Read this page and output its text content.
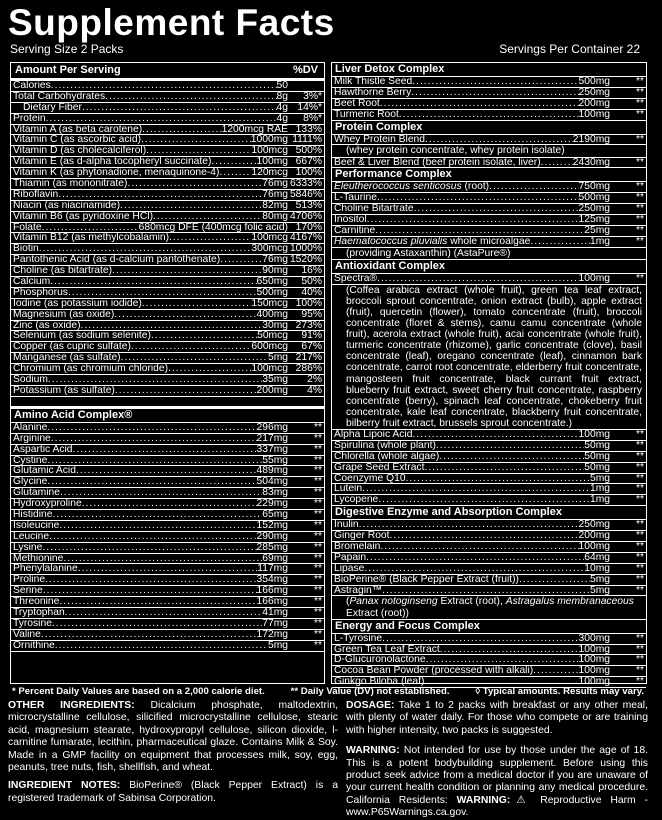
Supplement Facts
Serving Size 2 Packs	Servings Per Container 22
Amount Per Serving	%DV
Calories .....	50
Total Carbohydrates .....	8g	3%*
Dietary Fiber .....	4g 14%*
Protein .....	4g	8%*
Vitamin A (as beta carotene) .....	1200mcg RAE 133%
Vitamin C (as ascorbic acid) .....	1000mg 1111%
Vitamin D (as cholecalciferol) .....	100mcg 500%
Vitamin E (as d-alpha tocopheryl succinate) .....	100mg 667%
Vitamin K (as phytonadione, menaquinone-4) .....	120mcg 100%
Thiamin (as mononitrate) .....	76mg 6333%
Riboflavin .....	76mg 5846%
Niacin (as niacinamide) .....	82mg 513%
Vitamin B6 (as pyridoxine HCl) .....	80mg 4706%
Folate .....	680mcg DFE (400mcg folic acid) 170%
Vitamin B12 (as methylcobalamin) .....	100mcg 4167%
Biotin .....	300mcg 1000%
Pantothenic Acid (as d-calcium pantothenate) .....	76mg 1520%
Choline (as bitartrate) .....	90mg	16%
Calcium .....	650mg	50%
Phosphorus .....	500mg	40%
Iodine (as potassium iodide) .....	150mcg 100%
Magnesium (as oxide) .....	400mg	95%
Zinc (as oxide) .....	30mg 273%
Selenium (as sodium selenite) .....	50mcg	91%
Copper (as cupric sulfate) .....	600mcg	67%
Manganese (as sulfate) .....	5mg 217%
Chromium (as chromium chloride) .....	100mcg 286%
Sodium .....	35mg	2%
Potassium (as sulfate) .....	200mg	4%
Amino Acid Complex®
Alanine .....	296mg	**
Arginine .....	217mg	**
Aspartic Acid .....	337mg	**
Cystine .....	55mg	**
Glutamic Acid .....	489mg	**
Glycine .....	504mg	**
Glutamine .....	83mg	**
Hydroxyproline .....	229mg	**
Histidine .....	65mg	**
Isoleucine .....	152mg	**
Leucine .....	290mg	**
Lysine .....	285mg	**
Methionine .....	69mg	**
Phenylalanine .....	117mg	**
Proline .....	354mg	**
Serine .....	166mg	**
Threonine .....	166mg	**
Tryptophan .....	41mg	**
Tyrosine .....	77mg	**
Valine .....	172mg	**
Ornithine .....	5mg	**
Liver Detox Complex
Milk Thistle Seed .....	500mg	**
Hawthorne Berry .....	250mg	**
Beet Root .....	200mg	**
Turmeric Root .....	100mg	**
Protein Complex
Whey Protein Blend .....	2190mg	**
(whey protein concentrate, whey protein isolate)
Beef & Liver Blend (beef protein isolate, liver) .....	2430mg	**
Performance Complex
Eleutherococcus senticosus (root) .....	750mg	**
L-Taurine .....	500mg	**
Choline Bitartrate .....	250mg	**
Inositol .....	125mg	**
Carnitine .....	25mg	**
Haematococcus pluvialis whole microalgae .....	1mg	**
(providing Astaxanthin) (AstaPure®)
Antioxidant Complex
Spectra® .....	100mg	**
(Coffea arabica extract (whole fruit), green tea leaf extract, broccoli sprout concentrate, onion extract (bulb), apple extract (fruit), quercetin (flower), tomato concentrate (fruit), broccoli concentrate (floret & stems), camu camu concentrate (whole fruit), acerola extract (whole fruit), acai concentrate (whole fruit), turmeric concentrate (rhizome), garlic concentrate (clove), basil concentrate (leaf), oregano concentrate (leaf), cinnamon bark concentrate, carrot root concentrate, elderberry fruit concentrate, mangosteen fruit concentrate, black currant fruit extract, blueberry fruit extract, sweet cherry fruit concentrate, raspberry concentrate (berry), spinach leaf concentrate, chokeberry fruit concentrate, kale leaf concentrate, blackberry fruit concentrate, bilberry fruit extract, brussels sprout concentrate.)
Alpha Lipoic Acid .....	100mg	**
Spirulina (whole plant) .....	50mg	**
Chlorella (whole algae) .....	50mg	**
Grape Seed Extract .....	50mg	**
Coenzyme Q10 .....	5mg	**
Lutein .....	1mg	**
Lycopene .....	1mg	**
Digestive Enzyme and Absorption Complex
Inulin .....	250mg	**
Ginger Root .....	200mg	**
Bromelain .....	100mg	**
Papain .....	64mg	**
Lipase .....	10mg	**
BioPerine® (Black Pepper Extract (fruit)) .....	5mg	**
Astragin™ .....	5mg	**
(Panax notoginseng Extract (root), Astragalus membranaceous Extract (root))
Energy and Focus Complex
L-Tyrosine .....	300mg	**
Green Tea Leaf Extract .....	100mg	**
D-Glucuronolactone .....	100mg	**
Cocoa Bean Powder (processed with alkali) .....	100mg	**
Ginkgo Biloba (leaf) .....	100mg	**
* Percent Daily Values are based on a 2,000 calorie diet.	** Daily Value (DV) not established.	◊ Typical amounts. Results may vary.
OTHER INGREDIENTS: Dicalcium phosphate, maltodextrin, microcrystalline cellulose, silicified microcrystalline cellulose, stearic acid, magnesium stearate, hydroxypropyl cellulose, silicon dioxide, l-carnitine fumarate, lecithin, pharmaceutical glaze. Contains Milk & Soy. Made in a GMP facility on equipment that processes milk, soy, egg, peanuts, tree nuts, fish, shellfish, and wheat.
INGREDIENT NOTES: BioPerine® (Black Pepper Extract) is a registered trademark of Sabinsa Corporation.
DOSAGE: Take 1 to 2 packs with breakfast or any other meal, with plenty of water daily. For those who compete or are training with higher intensity, two packs is suggested.
WARNING: Not intended for use by those under the age of 18. This is a potent bodybuilding supplement. Before using this product seek advice from a medical doctor if you are unaware of your current health condition or planning any medical procedure. California Residents: WARNING:⚠ Reproductive Harm - www.P65Warnings.ca.gov.
